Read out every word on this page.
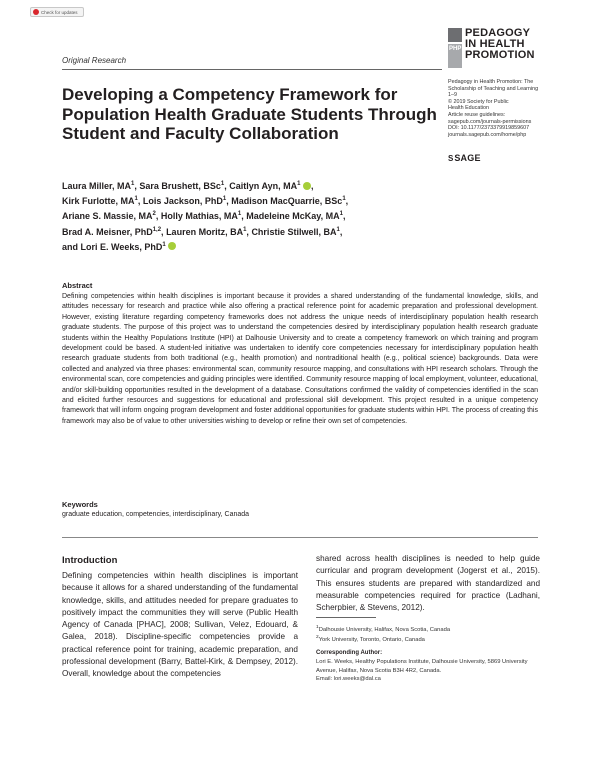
Check for updates
Original Research
PHP
PEDAGOGY
IN HEALTH
PROMOTION
Pedagogy in Health Promotion: The
Scholarship of Teaching and Learning
1–9
© 2019 Society for Public
Health Education
Article reuse guidelines:
sagepub.com/journals-permissions
DOI: 10.1177/2373379919859607
journals.sagepub.com/home/php
S SAGE
Developing a Competency Framework for Population Health Graduate Students Through Student and Faculty Collaboration
Laura Miller, $MA^1$, Sara Brushett, BSc$^1$, Caitlyn Ayn, $MA^1$ ,
Kirk Furlotte, $MA^1$, Lois Jackson, PhD$^1$, Madison MacQuarrie, BSc$^1$,
Ariane S. Massie, $MA^2$, Holly Mathias, $MA^1$, Madeleine McKay, $MA^1$,
Brad A. Meisner, PhD$^{1,2}$, Lauren Moritz, $BA^1$, Christie Stilwell, $BA^1$,
and Lori E. Weeks, PhD$^1$
Abstract

Defining competencies within health disciplines is important because it provides a shared understanding of the fundamental knowledge, skills, and attitudes necessary for research and practice while also offering a practical reference point for academic preparation and professional development. However, existing literature regarding competency frameworks does not address the unique needs of interdisciplinary population health research graduate students. The purpose of this project was to understand the competencies desired by interdisciplinary population health research graduate students within the Healthy Populations Institute (HPI) at Dalhousie University and to create a competency framework on which training and program development could be based. A student-led initiative was undertaken to identify core competencies necessary for interdisciplinary population health research graduate students from both traditional (e.g., health promotion) and nontraditional health (e.g., political science) backgrounds. Data were collected and analyzed via three phases: environmental scan, community resource mapping, and consultations with HPI research scholars. Through the environmental scan, core competencies and guiding principles were identified. Community resource mapping of local employment, volunteer, educational, and/or skill-building opportunities resulted in the development of a database. Consultations confirmed the validity of competencies identified in the scan and elicited further resources and suggestions for educational and professional skill development. This project resulted in a unique competency framework that will inform ongoing program development and foster additional opportunities for graduate students within HPI. The process of creating this framework may also be of value to other universities wishing to develop or refine their own set of competencies.

Keywords
graduate education, competencies, interdisciplinary, Canada
Introduction

Defining competencies within health disciplines is important because it allows for a shared understanding of the fundamental knowledge, skills, and attitudes needed for prepare graduates to positively impact the communities they will serve (Public Health Agency of Canada [PHAC], 2008; Sullivan, Velez, Edouard, & Galea, 2018). Discipline-specific competencies provide a practical reference point for training, academic preparation, and professional development (Barry, Battel-Kirk, & Dempsey, 2012). Overall, knowledge about the competencies

shared across health disciplines is needed to help guide curricular and program development (Jogerst et al., 2015). This ensures students are prepared with standardized and measurable competencies required for practice (Ladhani, Scherpbier, & Stevens, 2012).

$^1$Dalhousie University, Halifax, Nova Scotia, Canada
$^2$York University, Toronto, Ontario, Canada
Corresponding Author:
Lori E. Weeks, Healthy Populations Institute, Dalhousie University, 5869 University Avenue, Halifax, Nova Scotia B3H 4R2, Canada.
Email: lori.weeks@dal.ca
